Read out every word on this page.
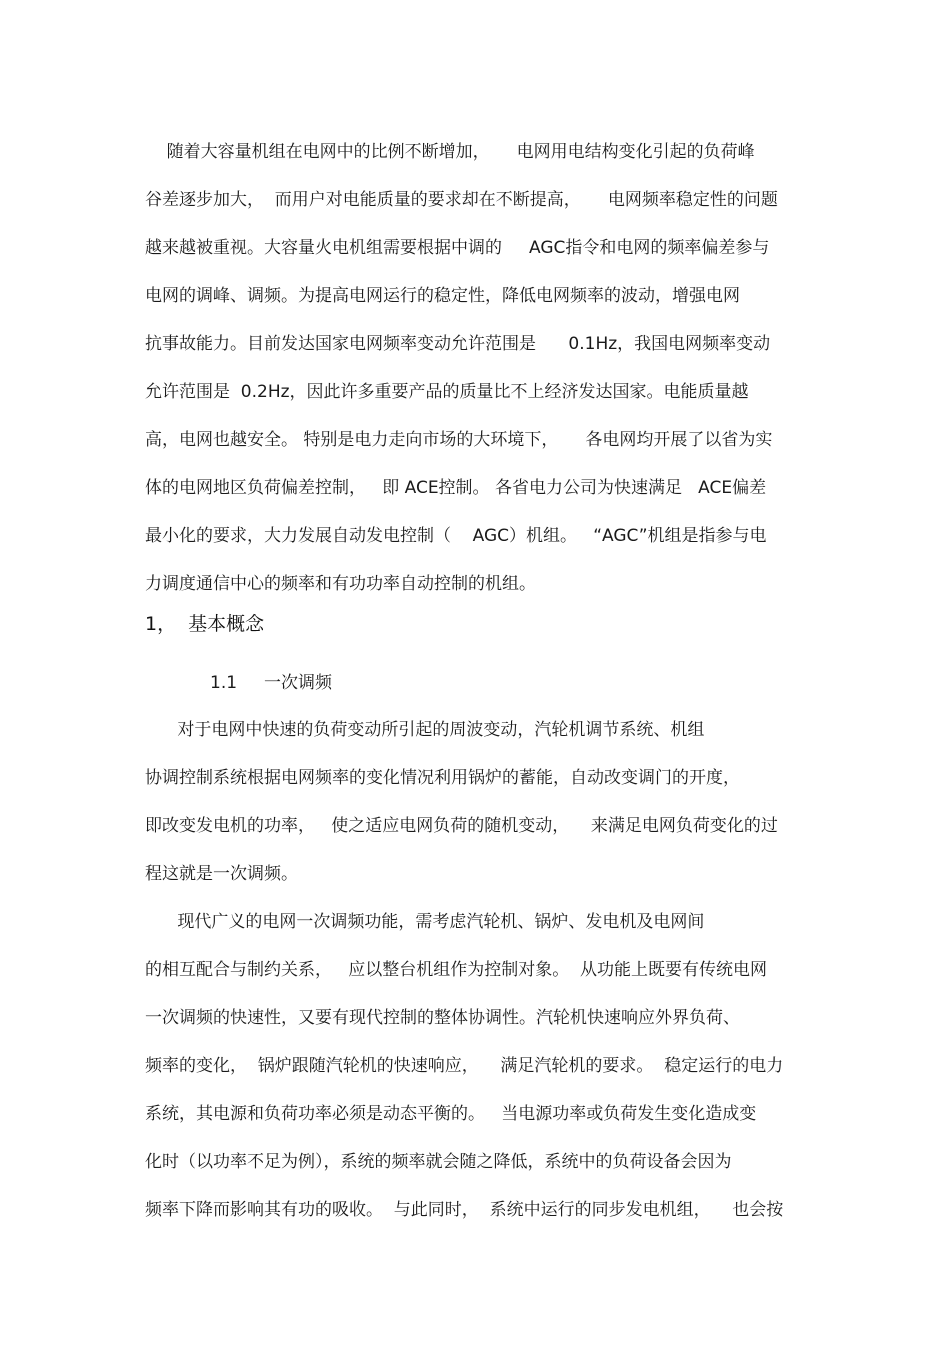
随着大容量机组在电网中的比例不断增加，     电网用电结构变化引起的负荷峰
谷差逐步加大，  而用户对电能质量的要求却在不断提高，     电网频率稳定性的问题
越来越被重视。大容量火电机组需要根据中调的     AGC指令和电网的频率偏差参与
电网的调峰、调频。为提高电网运行的稳定性，降低电网频率的波动，增强电网
抗事故能力。目前发达国家电网频率变动允许范围是      0.1Hz，我国电网频率变动
允许范围是  0.2Hz，因此许多重要产品的质量比不上经济发达国家。电能质量越
高，电网也越安全。 特别是电力走向市场的大环境下，     各电网均开展了以省为实
体的电网地区负荷偏差控制，   即 ACE控制。 各省电力公司为快速满足   ACE偏差
最小化的要求，大力发展自动发电控制（    AGC）机组。   “AGC”机组是指参与电
力调度通信中心的频率和有功功率自动控制的机组。
1，  基本概念
1.1     一次调频
对于电网中快速的负荷变动所引起的周波变动，汽轮机调节系统、机组
协调控制系统根据电网频率的变化情况利用锅炉的蓄能，自动改变调门的开度，
即改变发电机的功率，   使之适应电网负荷的随机变动，    来满足电网负荷变化的过
程这就是一次调频。
现代广义的电网一次调频功能，需考虑汽轮机、锅炉、发电机及电网间
的相互配合与制约关系，   应以整台机组作为控制对象。  从功能上既要有传统电网
一次调频的快速性，又要有现代控制的整体协调性。汽轮机快速响应外界负荷、
频率的变化，  锅炉跟随汽轮机的快速响应，    满足汽轮机的要求。  稳定运行的电力
系统，其电源和负荷功率必须是动态平衡的。   当电源功率或负荷发生变化造成变
化时（以功率不足为例），系统的频率就会随之降低，系统中的负荷设备会因为
频率下降而影响其有功的吸收。  与此同时，  系统中运行的同步发电机组，    也会按
